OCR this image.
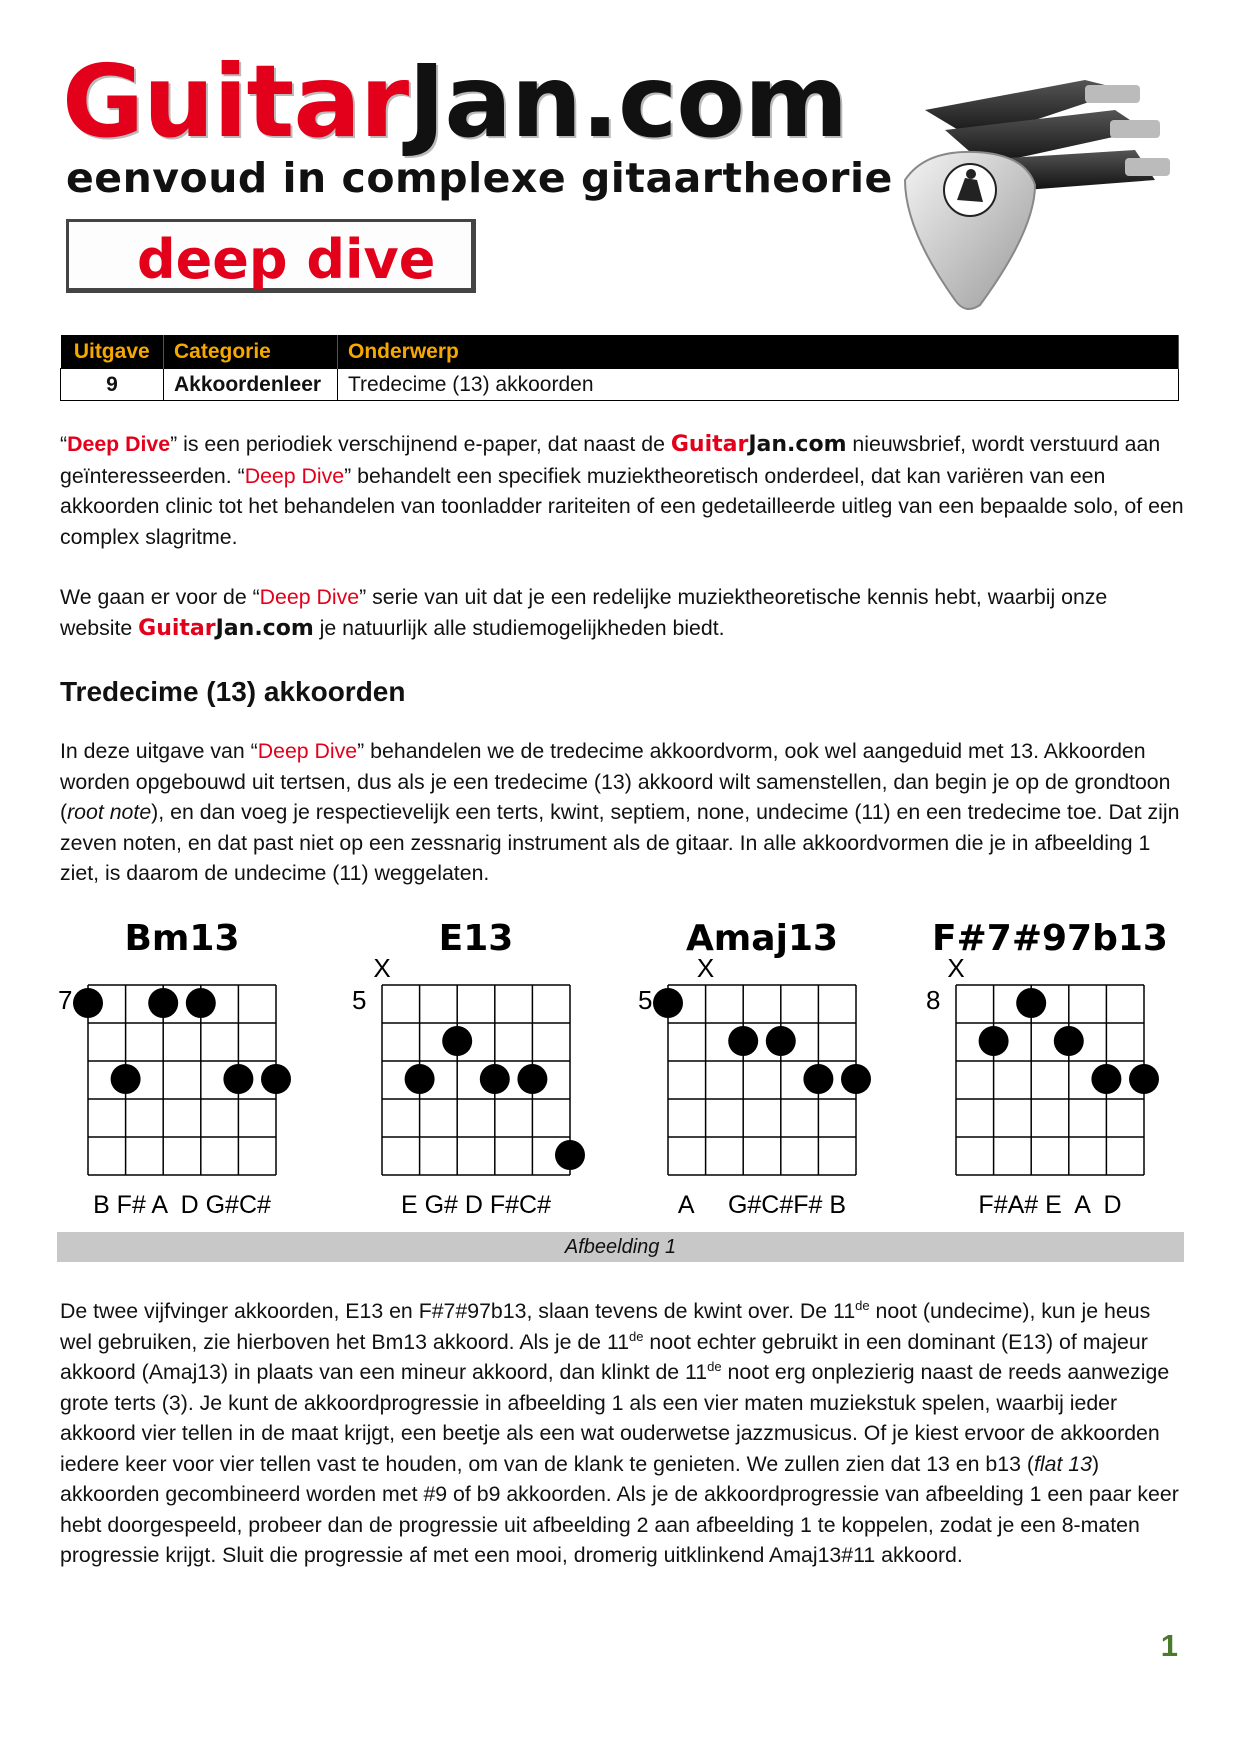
GuitarJan.com
eenvoud in complexe gitaartheorie
deep dive
Uitgave	Categorie	Onderwerp
9	Akkoordenleer	Tredecime (13) akkoorden
“Deep Dive” is een periodiek verschijnend e-paper, dat naast de GuitarJan.com nieuwsbrief, wordt verstuurd aan geïnteresseerden. “Deep Dive” behandelt een specifiek muziektheoretisch onderdeel, dat kan variëren van een akkoorden clinic tot het behandelen van toonladder rariteiten of een gedetailleerde uitleg van een bepaalde solo, of een complex slagritme.
We gaan er voor de “Deep Dive” serie van uit dat je een redelijke muziektheoretische kennis hebt, waarbij onze website GuitarJan.com je natuurlijk alle studiemogelijkheden biedt.
Tredecime (13) akkoorden
In deze uitgave van “Deep Dive” behandelen we de tredecime akkoordvorm, ook wel aangeduid met 13. Akkoorden worden opgebouwd uit tertsen, dus als je een tredecime (13) akkoord wilt samenstellen, dan begin je op de grondtoon (root note), en dan voeg je respectievelijk een terts, kwint, septiem, none, undecime (11) en een tredecime toe. Dat zijn zeven noten, en dat past niet op een zessnarig instrument als de gitaar. In alle akkoordvormen die je in afbeelding 1 ziet, is daarom de undecime (11) weggelaten.
Bm13
7
B F# A  D G#C#
E13
5
X
E G# D F#C#
Amaj13
5
X
A     G#C#F# B
F#7#97b13
8
X
F#A# E  A  D
Afbeelding 1
De twee vijfvinger akkoorden, E13 en F#7#97b13, slaan tevens de kwint over. De 11de noot (undecime), kun je heus wel gebruiken, zie hierboven het Bm13 akkoord. Als je de 11de noot echter gebruikt in een dominant (E13) of majeur akkoord (Amaj13) in plaats van een mineur akkoord, dan klinkt de 11de noot erg onplezierig naast de reeds aanwezige grote terts (3). Je kunt de akkoordprogressie in afbeelding 1 als een vier maten muziekstuk spelen, waarbij ieder akkoord vier tellen in de maat krijgt, een beetje als een wat ouderwetse jazzmusicus. Of je kiest ervoor de akkoorden iedere keer voor vier tellen vast te houden, om van de klank te genieten. We zullen zien dat 13 en b13 (flat 13) akkoorden gecombineerd worden met #9 of b9 akkoorden. Als je de akkoordprogressie van afbeelding 1 een paar keer hebt doorgespeeld, probeer dan de progressie uit afbeelding 2 aan afbeelding 1 te koppelen, zodat je een 8-maten progressie krijgt. Sluit die progressie af met een mooi, dromerig uitklinkend Amaj13#11 akkoord.
1
